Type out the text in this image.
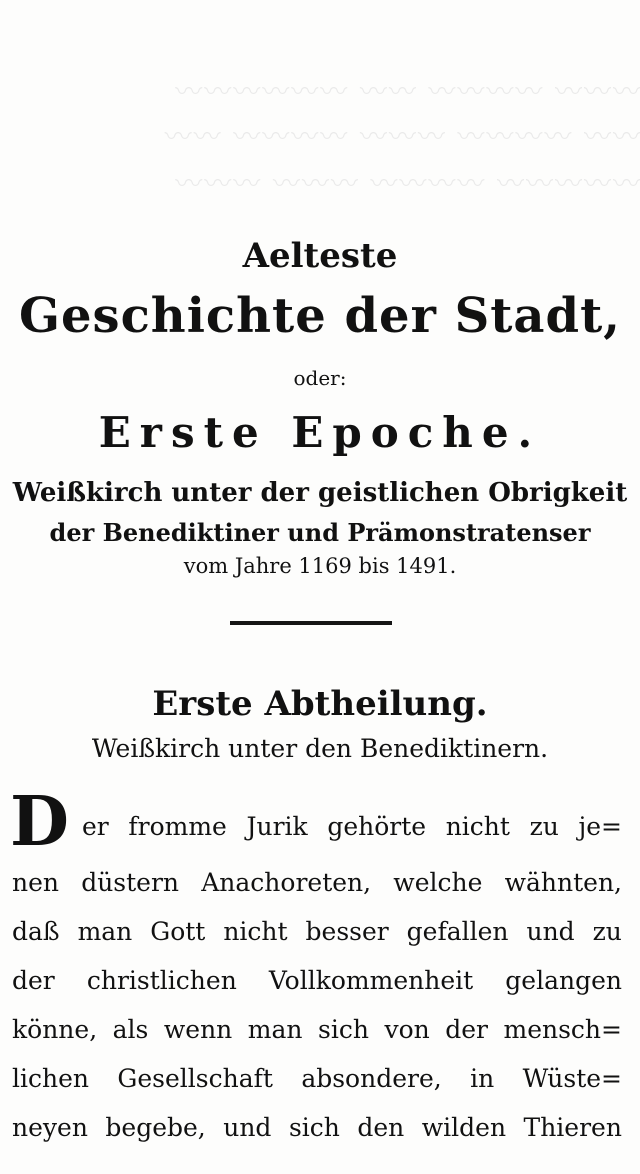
〰〰〰 〰〰〰〰 〰〰 〰〰〰〰〰〰
〰〰 〰〰〰〰 〰〰〰 〰〰〰〰 〰〰
〰〰〰〰〰 〰〰〰〰 〰〰〰 〰〰〰
Aelteste
Geschichte der Stadt,
oder:
Erste Epoche.
Weißkirch unter der geistlichen Obrigkeit
der Benediktiner und Prämonstratenser
vom Jahre 1169 bis 1491.
Erste Abtheilung.
Weißkirch unter den Benediktinern.
D er fromme Jurik gehörte nicht zu je=
nen düstern Anachoreten, welche wähnten,
daß man Gott nicht besser gefallen und zu
der christlichen Vollkommenheit gelangen
könne, als wenn man sich von der mensch=
lichen Gesellschaft absondere, in Wüste=
neyen begebe, und sich den wilden Thieren
